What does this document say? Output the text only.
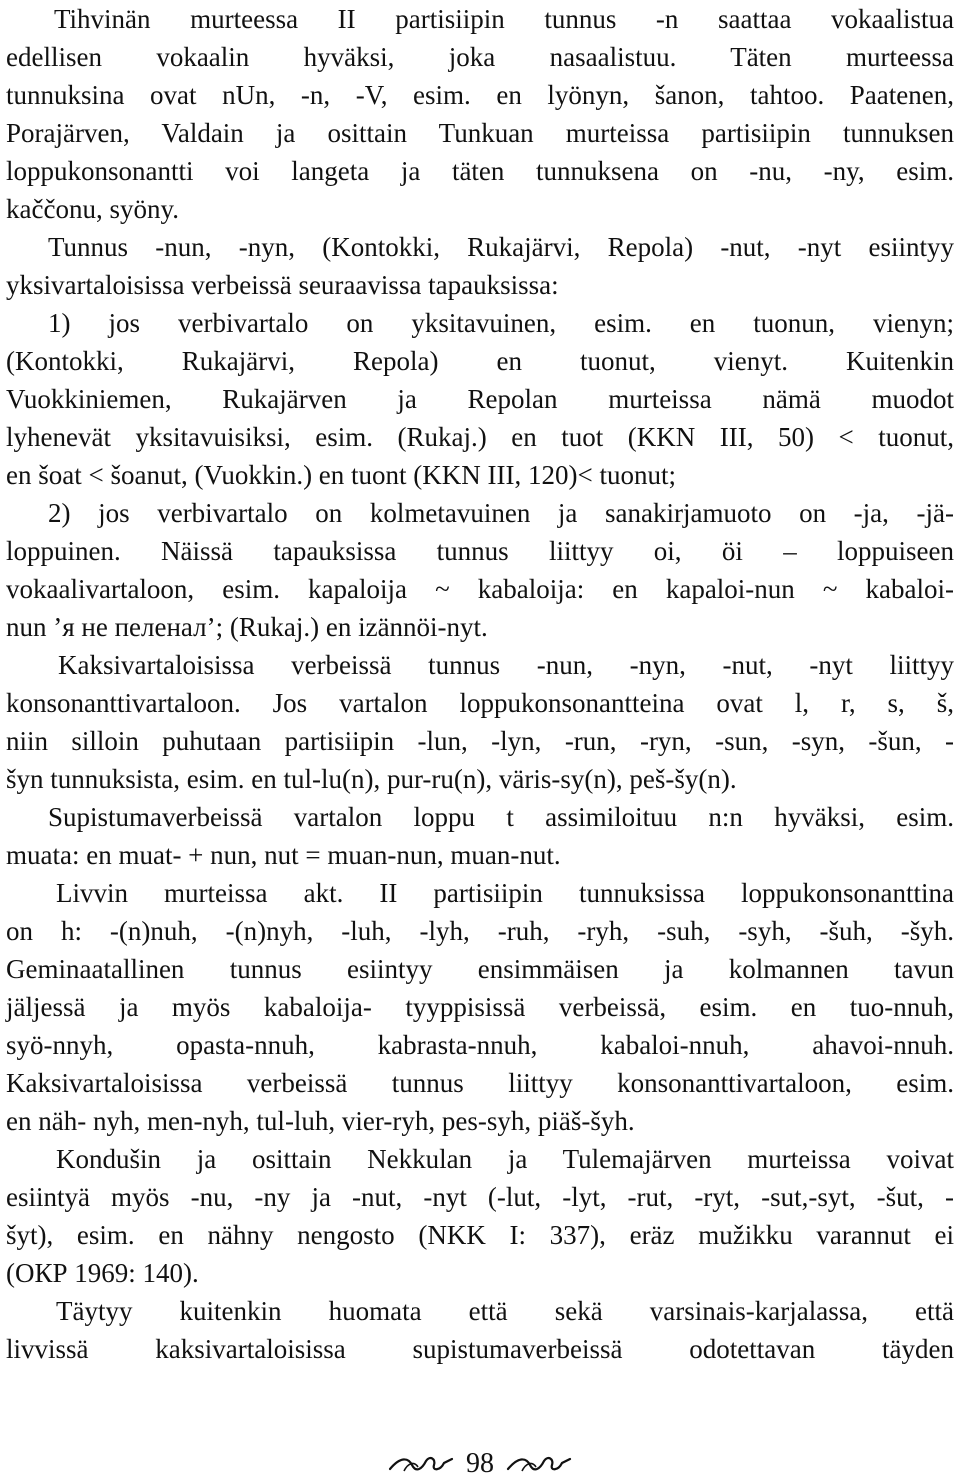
Tihvinän murteessa II partisiipin tunnus -n saattaa vokaalistua
edellisen vokaalin hyväksi, joka nasaalistuu. Täten murteessa
tunnuksina ovat nUn, -n, -V, esim. en lyönyn, šanon, tahtoo. Paatenen,
Porajärven, Valdain ja osittain Tunkuan murteissa partisiipin tunnuksen
loppukonsonantti voi langeta ja täten tunnuksena on -nu, -ny, esim.
kaččonu, syöny.
Tunnus -nun, -nyn, (Kontokki, Rukajärvi, Repola) -nut, -nyt esiintyy
yksivartaloisissa verbeissä seuraavissa tapauksissa:
1) jos verbivartalo on yksitavuinen, esim. en tuonun, vienyn;
(Kontokki, Rukajärvi, Repola) en tuonut, vienyt. Kuitenkin
Vuokkiniemen, Rukajärven ja Repolan murteissa nämä muodot
lyhenevät yksitavuisiksi, esim. (Rukaj.) en tuot (KKN III, 50) < tuonut,
en šoat < šoanut, (Vuokkin.) en tuont (KKN III, 120)< tuonut;
2) jos verbivartalo on kolmetavuinen ja sanakirjamuoto on -ja, -jä-
loppuinen. Näissä tapauksissa tunnus liittyy oi, öi – loppuiseen
vokaalivartaloon, esim. kapaloija ~ kabaloija: en kapaloi-nun ~ kabaloi-
nun ’я не пеленал’; (Rukaj.) en izännöi-nyt.
Kaksivartaloisissa verbeissä tunnus -nun, -nyn, -nut, -nyt liittyy
konsonanttivartaloon. Jos vartalon loppukonsonantteina ovat l, r, s, š,
niin silloin puhutaan partisiipin -lun, -lyn, -run, -ryn, -sun, -syn, -šun, -
šyn tunnuksista, esim. en tul-lu(n), pur-ru(n), väris-sy(n), peš-šy(n).
Supistumaverbeissä vartalon loppu t assimiloituu n:n hyväksi, esim.
muata: en muat- + nun, nut = muan-nun, muan-nut.
Livvin murteissa akt. II partisiipin tunnuksissa loppukonsonanttina
on h: -(n)nuh, -(n)nyh, -luh, -lyh, -ruh, -ryh, -suh, -syh, -šuh, -šyh.
Geminaatallinen tunnus esiintyy ensimmäisen ja kolmannen tavun
jäljessä ja myös kabaloija- tyyppisissä verbeissä, esim. en tuo-nnuh,
syö-nnyh, opasta-nnuh, kabrasta-nnuh, kabaloi-nnuh, ahavoi-nnuh.
Kaksivartaloisissa verbeissä tunnus liittyy konsonanttivartaloon, esim.
en näh- nyh, men-nyh, tul-luh, vier-ryh, pes-syh, piäš-šyh.
Kondušin ja osittain Nekkulan ja Tulemajärven murteissa voivat
esiintyä myös -nu, -ny ja -nut, -nyt (-lut, -lyt, -rut, -ryt, -sut,-syt, -šut, -
šyt), esim. en nähny nengosto (NKK I: 337), eräz mužikku varannut ei
(ОКР 1969: 140).
Täytyy kuitenkin huomata että sekä varsinais-karjalassa, että
livvissä kaksivartaloisissa supistumaverbeissä odotettavan täyden
98
